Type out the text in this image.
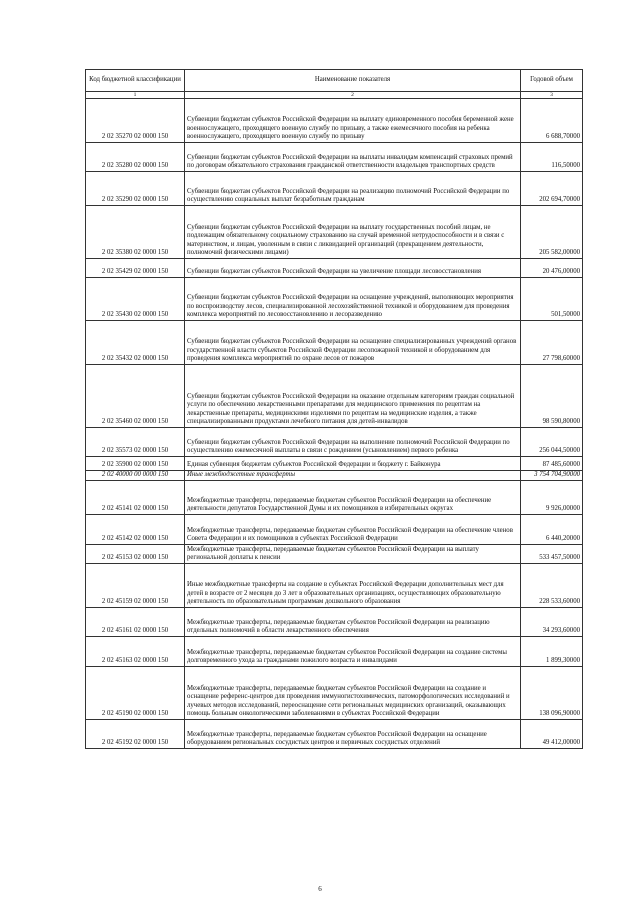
Код бюджетной классификации	Наименование показателя	Годовой объем
1	2	3
2 02 35270 02 0000 150	Субвенции бюджетам субъектов Российской Федерации на выплату единовременного пособия беременной жене военнослужащего, проходящего военную службу по призыву, а также ежемесячного пособия на ребенка военнослужащего, проходящего военную службу по призыву	6 688,70000
2 02 35280 02 0000 150	Субвенции бюджетам субъектов Российской Федерации на выплаты инвалидам компенсаций страховых премий по договорам обязательного страхования гражданской ответственности владельцев транспортных средств	116,50000
2 02 35290 02 0000 150	Субвенции бюджетам субъектов Российской Федерации на реализацию полномочий Российской Федерации по осуществлению социальных выплат безработным гражданам	202 694,70000
2 02 35380 02 0000 150	Субвенции бюджетам субъектов Российской Федерации на выплату государственных пособий лицам, не подлежащим обязательному социальному страхованию на случай временной нетрудоспособности и в связи с материнством, и лицам, уволенным в связи с ликвидацией организаций (прекращением деятельности, полномочий физическими лицами)	205 582,00000
2 02 35429 02 0000 150	Субвенции бюджетам субъектов Российской Федерации на увеличение площади лесовосстановления	20 476,00000
2 02 35430 02 0000 150	Субвенции бюджетам субъектов Российской Федерации на оснащение учреждений, выполняющих мероприятия по воспроизводству лесов, специализированной лесохозяйственной техникой и оборудованием для проведения комплекса мероприятий по лесовосстановлению и лесоразведению	501,50000
2 02 35432 02 0000 150	Субвенции бюджетам субъектов Российской Федерации на оснащение специализированных учреждений органов государственной власти субъектов Российской Федерации лесопожарной техникой и оборудованием для проведения комплекса мероприятий по охране лесов от пожаров	27 798,60000
2 02 35460 02 0000 150	Субвенции бюджетам субъектов Российской Федерации на оказание отдельным категориям граждан социальной услуги по обеспечению лекарственными препаратами для медицинского применения по рецептам на лекарственные препараты, медицинскими изделиями по рецептам на медицинские изделия, а также специализированными продуктами лечебного питания для детей-инвалидов	98 590,80000
2 02 35573 02 0000 150	Субвенции бюджетам субъектов Российской Федерации на выполнение полномочий Российской Федерации по осуществлению ежемесячной выплаты в связи с рождением (усыновлением) первого ребенка	256 044,50000
2 02 35900 02 0000 150	Единая субвенция бюджетам субъектов Российской Федерации и бюджету г. Байконура	87 485,60000
2 02 40000 00 0000 150	Иные межбюджетные трансферты	3 754 704,90000
2 02 45141 02 0000 150	Межбюджетные трансферты, передаваемые бюджетам субъектов Российской Федерации на обеспечение деятельности депутатов Государственной Думы и их помощников в избирательных округах	9 926,00000
2 02 45142 02 0000 150	Межбюджетные трансферты, передаваемые бюджетам субъектов Российской Федерации на обеспечение членов Совета Федерации и их помощников в субъектах Российской Федерации	6 440,20000
2 02 45153 02 0000 150	Межбюджетные трансферты, передаваемые бюджетам субъектов Российской Федерации на выплату региональной доплаты к пенсии	533 457,50000
2 02 45159 02 0000 150	Иные межбюджетные трансферты на создание в субъектах Российской Федерации дополнительных мест для детей в возрасте от 2 месяцев до 3 лет в образовательных организациях, осуществляющих образовательную деятельность по образовательным программам дошкольного образования	228 533,60000
2 02 45161 02 0000 150	Межбюджетные трансферты, передаваемые бюджетам субъектов Российской Федерации на реализацию отдельных полномочий в области лекарственного обеспечения	34 293,60000
2 02 45163 02 0000 150	Межбюджетные трансферты, передаваемые бюджетам субъектов Российской Федерации на создание системы долговременного ухода за гражданами пожилого возраста и инвалидами	1 899,30000
2 02 45190 02 0000 150	Межбюджетные трансферты, передаваемые бюджетам субъектов Российской Федерации на создание и оснащение референс-центров для проведения иммуногистохимических, патоморфологических исследований и лучевых методов исследований, переоснащение сети региональных медицинских организаций, оказывающих помощь больным онкологическими заболеваниями в субъектах Российской Федерации	138 096,90000
2 02 45192 02 0000 150	Межбюджетные трансферты, передаваемые бюджетам субъектов Российской Федерации на оснащение оборудованием региональных сосудистых центров и первичных сосудистых отделений	49 412,00000
6
